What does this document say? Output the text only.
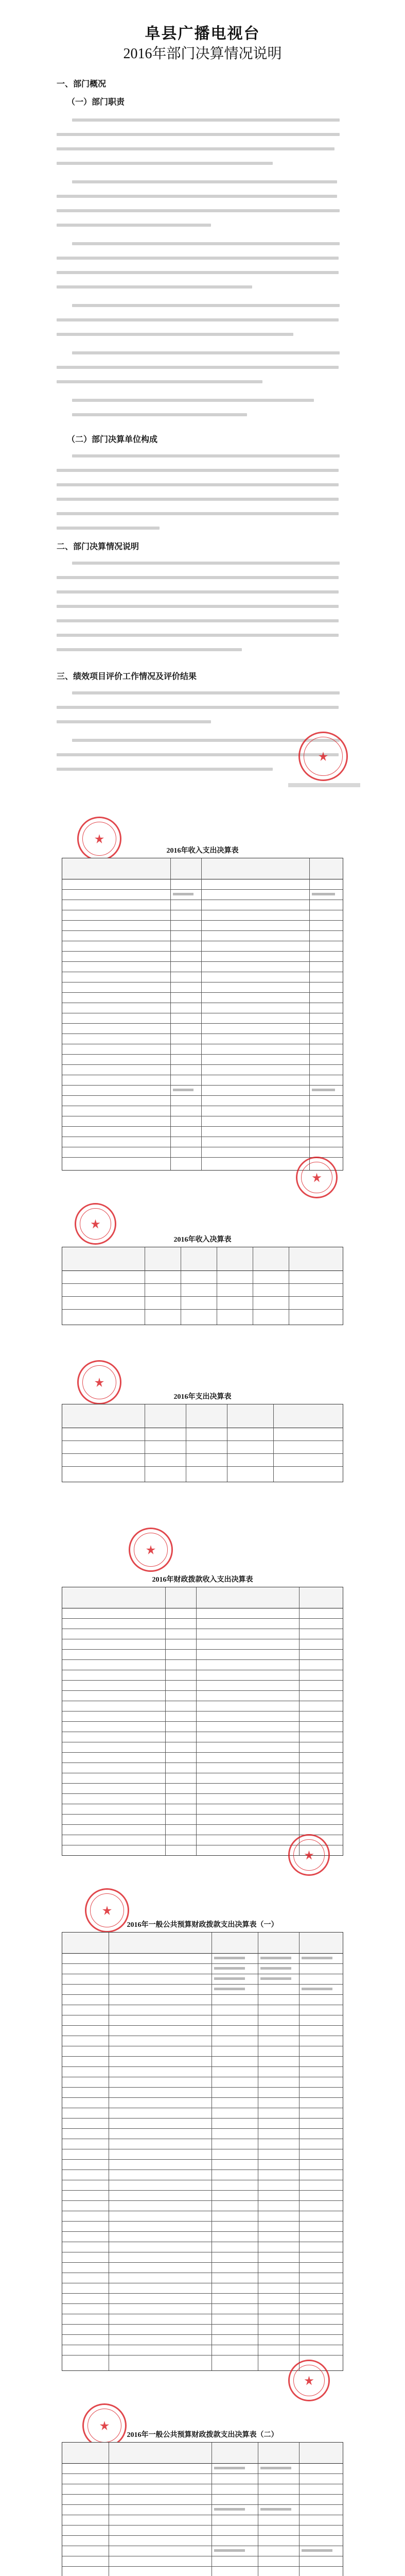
阜县广播电视台
2016年部门决算情况说明
一、部门概况
（一）部门职责
（二）部门决算单位构成
二、部门决算情况说明
三、绩效项目评价工作情况及评价结果
2016年收入支出决算表
2016年收入决算表
2016年支出决算表
2016年财政拨款收入支出决算表
2016年一般公共预算财政拨款支出决算表（一）
2016年一般公共预算财政拨款支出决算表（二）
